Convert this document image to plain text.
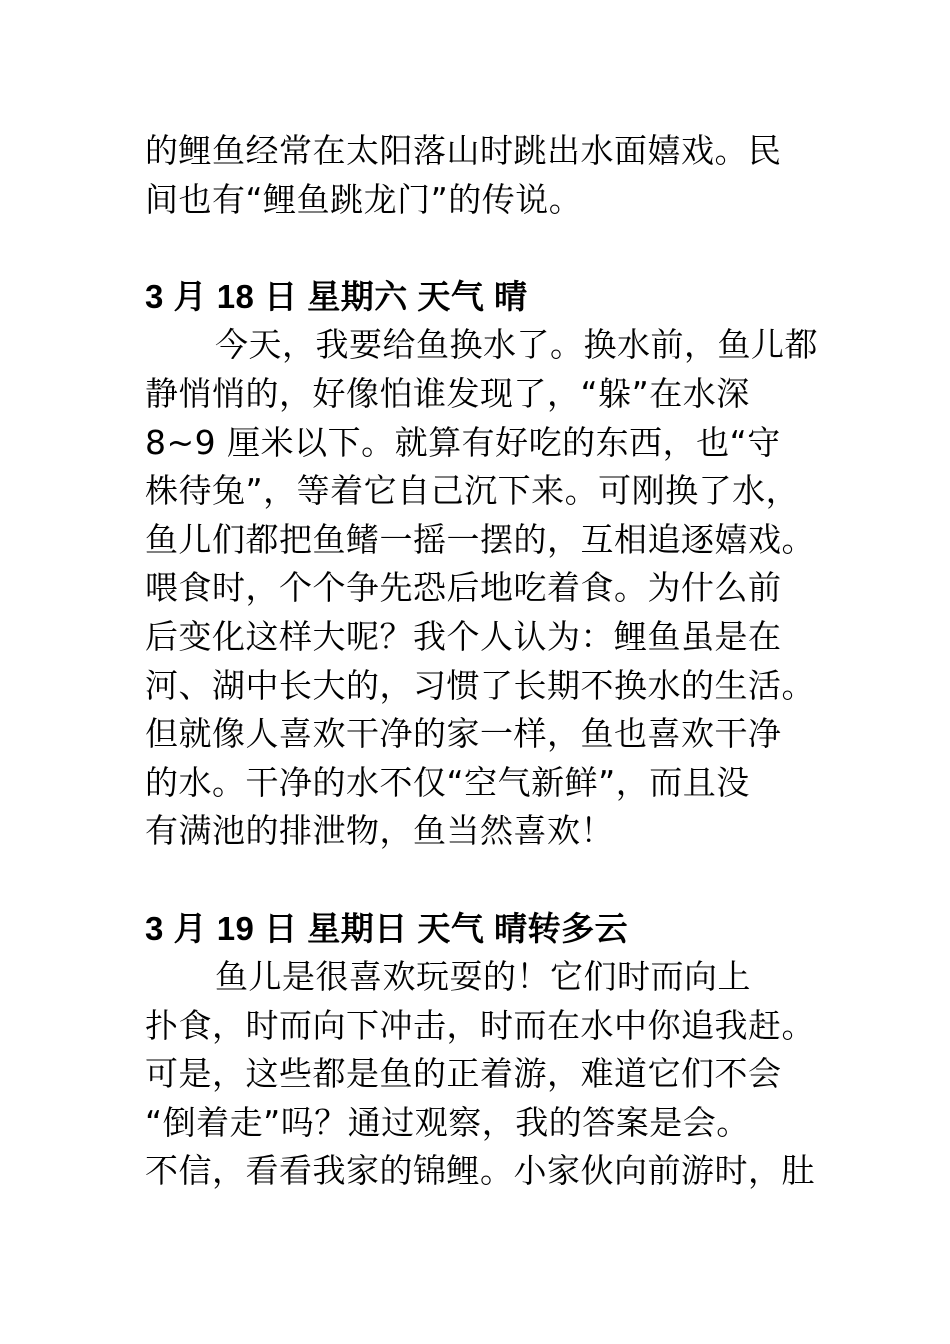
的鲤鱼经常在太阳落山时跳出水面嬉戏。民
间也有“鲤鱼跳龙门”的传说。
3 月 18 日 星期六 天气 晴
今天，我要给鱼换水了。换水前，鱼儿都
静悄悄的，好像怕谁发现了，“躲”在水深
8~9 厘米以下。就算有好吃的东西，也“守
株待兔”，等着它自己沉下来。可刚换了水，
鱼儿们都把鱼鳍一摇一摆的，互相追逐嬉戏。
喂食时，个个争先恐后地吃着食。为什么前
后变化这样大呢？我个人认为：鲤鱼虽是在
河、湖中长大的，习惯了长期不换水的生活。
但就像人喜欢干净的家一样，鱼也喜欢干净
的水。干净的水不仅“空气新鲜”，而且没
有满池的排泄物，鱼当然喜欢！
3 月 19 日 星期日 天气 晴转多云
鱼儿是很喜欢玩耍的！它们时而向上
扑食，时而向下冲击，时而在水中你追我赶。
可是，这些都是鱼的正着游，难道它们不会
“倒着走”吗？通过观察，我的答案是会。
不信，看看我家的锦鲤。小家伙向前游时，肚
